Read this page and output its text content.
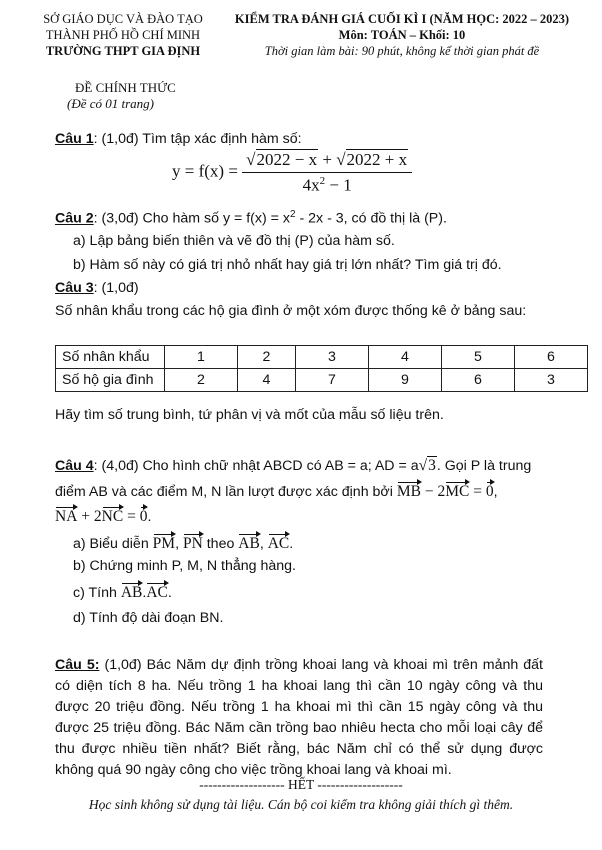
SỞ GIÁO DỤC VÀ ĐÀO TẠO
THÀNH PHỐ HỒ CHÍ MINH
TRƯỜNG THPT GIA ĐỊNH
KIỂM TRA ĐÁNH GIÁ CUỐI KÌ I (NĂM HỌC: 2022 – 2023)
Môn: TOÁN – Khối: 10
Thời gian làm bài: 90 phút, không kể thời gian phát đề
ĐỀ CHÍNH THỨC
(Đề có 01 trang)
Câu 1: (1,0đ) Tìm tập xác định hàm số:
$y = f(x) = \frac{√2022 - x + √2022 + x}{4x^2 - 1}$
Câu 2: (3,0đ) Cho hàm số $y = f(x) = x^2 - 2x - 3$, có đồ thị là (P).
a) Lập bảng biến thiên và vẽ đồ thị (P) của hàm số.
b) Hàm số này có giá trị nhỏ nhất hay giá trị lớn nhất? Tìm giá trị đó.
Câu 3: (1,0đ)
Số nhân khẩu trong các hộ gia đình ở một xóm được thống kê ở bảng sau:
Số nhân khẩu	1	2	3	4	5	6
Số hộ gia đình	2	4	7	9	6	3
Hãy tìm số trung bình, tứ phân vị và mốt của mẫu số liệu trên.
Câu 4: (4,0đ) Cho hình chữ nhật ABCD có AB = a; AD = a√3. Gọi P là trung
điểm AB và các điểm M, N lần lượt được xác định bởi MB − 2MC = 0,
NA + 2NC = 0.
a) Biểu diễn PM, PN theo AB, AC.
b) Chứng minh P, M, N thẳng hàng.
c) Tính AB.AC.
d) Tính độ dài đoạn BN.
Câu 5: (1,0đ) Bác Năm dự định trồng khoai lang và khoai mì trên mảnh đất có diện tích 8 ha. Nếu trồng 1 ha khoai lang thì cần 10 ngày công và thu được 20 triệu đồng. Nếu trồng 1 ha khoai mì thì cần 15 ngày công và thu được 25 triệu đồng. Bác Năm cần trồng bao nhiêu hecta cho mỗi loại cây để thu được nhiều tiền nhất? Biết rằng, bác Năm chỉ có thể sử dụng được không quá 90 ngày công cho việc trồng khoai lang và khoai mì.
------------------- HẾT -------------------
Học sinh không sử dụng tài liệu. Cán bộ coi kiểm tra không giải thích gì thêm.
